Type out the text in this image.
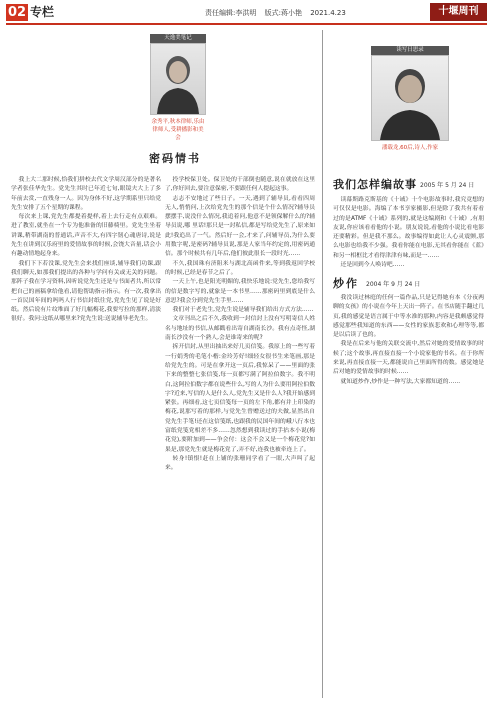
02 专栏	责任编辑:李洪明 版式:蒋小艳 2021.4.23	十堰周刊
天逸美笔记
余秀平,秋本律师,乐由律师人,受耕播影和美会
密码情书

我上大二那时候,恰我们拼校去代文学周汉部分的是著名学者张佳华先生。党先生其时已年近七旬,眼镜夫大上了多年前去赏,一直残身一人。因为身体不好,这学期系里只给党先生安排了五个星期的课程。

每次来上课,党先生都提着提样,着上去行走有点艰难。进了教室,就坐在一个专为他准备的旧藤椅里。党先生坐着讲课,稍带湖南的普通话,声音不大,有四字韧心魂唐诗,说是先生在讲到汉乐府里的爱情故事的时候,会饶大音量,话会小有趣动情地起身来。

我们下下若没课,党先生会来找们座谈,辅导我们功课,跟我们聊天,如那我们提出的各种与学问有关或无关的问题。那阵子我在学习资料,因听说党先生还是与书面者共,所以常把自己的画稿拿给他看,请他帮助指示指示。有一次,我拿出一首民国年间的吗吗人行书信封纸往党,党先生见了说是好纸。然后说有片纹堆面了好几幅梅花,我要写拉的那样,清淡很好。我问:这纸从哪里来?党先生说:送说辅导老先生。

投学校保卫处。保卫处的干部倒也随意,说在就放在这里了,你好回去,要注意保密,不要跟任何人提起这事。

志志不安地过了些日子。一天,遇到了辅导员,看看四周无人,悄悄问,上次给党先生的那个信是个什么情况?辅导员摆摆手,说没什么情况,我追着问,他意不是领保解什么的?辅导员说,哪 里话!那只是一封私信,都是写给党先生了,原来如此!我追出了一气。然后好一会,才来了,问辅导员,为什么要用数字呢,是密码?辅导员说,那是人家当年约定的,用密码通信。那个时候共有几年后,他们彼此很长一段时光……

不久,我国珠有济阻米与湖北高函件来,等到我返回学校的时候,已经是春节之后了。

一天上午,也是阳光明媚的,我快乐地说:党先生,您给我写的信是数字写的,就象是一本书里……那密码里到底是什么意思?我会分到党先生手里……

我们对于老先生,党先生说是辅导我们给出方式方法……

文章刊出之后不久,我收到一封信封上没有写明寄信人姓名与地址的书信,从邮戳看出寄自湖南长沙。我有点奇怪,湖南长沙没有一个熟人,会是谁寄来的呢?

拆开信封,从里出抽出来好几页信笺。我原上的一些写着一行娟秀的毛笔小楷:金玲芳好!细轻女很书生来笔画,那是给党先生的。可是在拿开这一页后,我惊呆了——里面的张下来的整整七张信笺,每一页都写满了阿拉伯数字。我不明白,这阿拉伯数字都在说些什么,写的人为什么要用阿拉伯数字?近来,写信的人是什么人,党先生又是什么人?我开始感到紧张。再细看,这七页信笺每一页的左下角,都有并上印染的梅花,说那写着的那样,与党先生曾赠送过的夫做,显然出自党先生手笔!还在这信笺纸,也跟我的民国年间的峨八行本也富纸党笺党相差不多……忽然想到我读过的手拈本小说(梅花党),要附加到——争会付：这会不会又是一个梅花党?如果是,那党先生就是梅花党了,弄不好,连我也被牵连上了。

转身!镇恨!赶在上铺的张珊同学看了一眼,大声叫了起来。

读写日思录
潘载龙,60后,诗人,作家
我们怎样编故事 2005 年 5 月 24 日

读幕斯路克斯基的《十诫》十个电影故事时,我究竟想的可仅仅是电影。海编了本书享家摄影,但是除了我共有着看过的是ATMF《十诫》系列的,就是这编剧和《十诫》,有朋友说,你应该看看他的小说。朋友说说,看他的小说比看电影还要精彩。但是我不那么。故事编得如此让人心灵震颤,那么电影也给我不少强。我看你能在电影,无其看你能在《蓝》和另一相框比才看得津津有味,而是一……

还是回到今人唤诗吧……

炒作 2004 年 9 月 24 日

我没读过林庭的任何一篇作品,只是记得她有本《分夜两聊的女孩》的小说在今年上天出一阵子。在书店随手翻过几页,我的感觉是语言属于中等水准的那种,内容是我颇感觉得感觉那些我知道的东西——女性的家族悲欢和心理等等,都是以后读了也的。

我是在后来与他的关联交流中,然后对她的爱情故事的时候了;这个故事,再直接直接一个小说家他的书名。在于你所来说,再直接直接一天,都能说自己里面所得的数。感觉她是后对她的爱情故事的时候……

就知道炒作,炒作是一种写法,大家都知道的……
